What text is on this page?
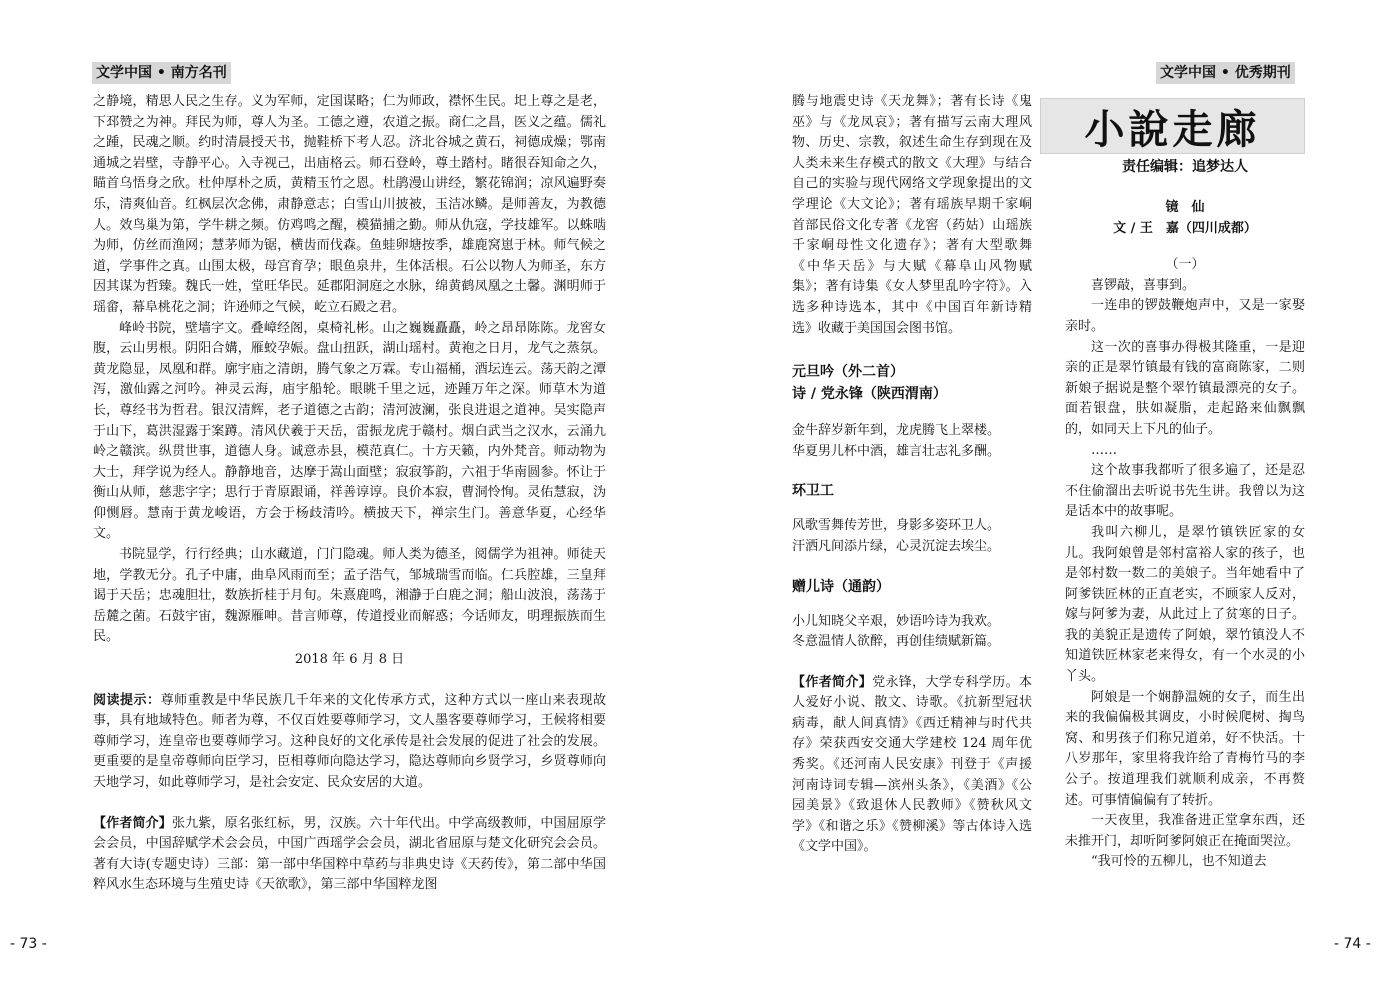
文学中国 • 南方名刊

之静境，精思人民之生存。义为军师，定国谋略；仁为师政，襟怀生民。圯上尊之是老，下邳赞之为神。拜民为师，尊人为圣。工德之遵，农道之振。商仁之昌，医义之蕴。儒礼之踵，民魂之顺。约时清晨授天书，抛鞋桥下考人忍。济北谷城之黄石，祠德成燥；鄂南通城之岩壁，寺静平心。入寺视己，出庙格云。师石登岭，尊土踏村。睹很吞知命之久，瞄首乌悟身之欣。杜仲厚朴之质，黄精玉竹之恩。杜鹃漫山讲经，繁花锦润；凉风遍野奏乐，清爽仙音。红枫层次念佛，肃静意志；白雪山川披被，玉洁冰鳞。是师善友，为教德人。效鸟巢为第，学牛耕之频。仿鸡鸣之醒，模猫捕之勤。师从仇寇，学技雄军。以蛛啮为师，仿丝而渔网；慧茅师为锯，横齿而伐森。鱼蛙卵塘按季，雄鹿窝崽于林。师气候之道，学事件之真。山围太极，母宫育孕；眼鱼泉井，生体活根。石公以物人为师圣，东方因其谋为哲臻。魏氏一姓，堂旺华民。延郡阳洞庭之水脉，绵黄鹤凤凰之土馨。渊明师于瑶畲，幕阜桃花之洞；许逊师之气候，屹立石殿之君。

峰岭书院，壁墙字文。叠嶂经阁，桌椅礼彬。山之巍巍矗矗，岭之昂昂陈陈。龙窖女腹，云山男根。阴阳合媾，雁蛟孕娠。盘山扭跃，湖山瑶村。黄袍之日月，龙气之蒸氛。黄龙隐显，凤凰和群。廓宇庙之清朗，腾气象之万霖。专山福桶，酒坛连云。荡天韵之潭泻，激仙露之河吟。神灵云海，庙宇船轮。眼眺千里之远，迹踵万年之深。师草木为道长，尊经书为哲君。银汉清辉，老子道德之古韵；清河波澜，张良进退之道神。吴实隐声于山下，葛洪湿露于案蹲。清风伏羲于天岳，雷振龙虎于赣村。烟白武当之汉水，云涌九岭之赣滨。纵贯世事，道德人身。诚意赤县，模范真仁。十方天籁，内外梵音。师动物为大士，拜学说为经人。静静地音，达摩于嵩山面壁；寂寂筝韵，六祖于华南圆参。怀让于衡山从师，慈悲字字；思行于青原跟诵，祥善谆谆。良价本寂，曹洞怜恂。灵佑慧寂，沩仰恻唇。慧南于黄龙峻语，方会于杨歧清吟。横披天下，禅宗生门。善意华夏，心经华文。

书院显学，行行经典；山水藏道，门门隐魂。师人类为德圣，阅儒学为祖神。师徒天地，学教无分。孔子中庸，曲阜风雨而至；孟子浩气，邹城瑞雪而临。仁兵腔雄，三皇拜谒于天岳；忠魂胆壮，数族折桂于月旬。朱熹鹿鸣，湘瀞于白鹿之洞；船山波浪，荡荡于岳麓之菌。石鼓宇宙，魏源雁呻。昔言师尊，传道授业而解惑；今话师友，明理振族而生民。

2018 年 6 月 8 日

阅读提示：尊师重教是中华民族几千年来的文化传承方式，这种方式以一座山来表现故事，具有地域特色。师者为尊，不仅百姓要尊师学习，文人墨客要尊师学习，王候将相要尊师学习，连皇帝也要尊师学习。这种良好的文化承传是社会发展的促进了社会的发展。更重要的是皇帝尊师向臣学习，臣相尊师向隐达学习，隐达尊师向乡贤学习，乡贤尊师向天地学习，如此尊师学习，是社会安定、民众安居的大道。

【作者简介】张九紫，原名张红标，男，汉族。六十年代出。中学高级教师，中国屈原学会会员，中国辞赋学术会会员，中国广西瑶学会会员，湖北省屈原与楚文化研究会会员。著有大诗(专题史诗）三部：第一部中华国粹中草药与非典史诗《天药传》，第二部中华国粹风水生态环境与生殖史诗《天欲歌》，第三部中华国粹龙图

- 73 -
文学中国 • 优秀期刊

腾与地震史诗《天龙舞》；著有长诗《鬼巫》与《龙凤哀》；著有描写云南大理风物、历史、宗教，叙述生命生存到现在及人类未来生存模式的散文《大理》与结合自己的实验与现代网络文学现象提出的文学理论《大文论》；著有瑶族早期千家峒首部民俗文化专著《龙窖（药姑）山瑶族千家峒母性文化遗存》；著有大型歌舞《中华天岳》与大赋《幕阜山风物赋集》；著有诗集《女人梦里乱吟字符》。入选多种诗选本，其中《中国百年新诗精选》收藏于美国国会图书馆。

元旦吟（外二首）

诗 / 党永锋（陕西渭南）

金牛辞岁新年到，龙虎腾飞上翠楼。

华夏男儿杯中酒，雄言壮志礼多酬。

环卫工

风歌雪舞传芳世，身影多姿环卫人。

汗洒凡间添片绿，心灵沉淀去埃尘。

赠儿诗（通韵）

小儿知晓父辛艰，妙语吟诗为我欢。

冬意温情人欲醉，再创佳绩赋新篇。

【作者简介】党永锋，大学专科学历。本人爱好小说、散文、诗歌。《抗新型冠状病毒，献人间真情》《西迁精神与时代共存》荣获西安交通大学建校 124 周年优秀奖。《还河南人民安康》刊登于《声援河南诗词专辑—滨州头条》，《美酒》《公园美景》《致退休人民教师》《赞秋风文学》《和谐之乐》《赞柳溪》等古体诗入选《文学中国》。

小說走廊

责任编辑：追梦达人

镜　仙

文 / 王　嘉（四川成都）

（一）

喜锣敲，喜事到。

一连串的锣鼓鞭炮声中，又是一家娶亲时。

这一次的喜事办得极其隆重，一是迎亲的正是翠竹镇最有钱的富商陈家，二则新娘子据说是整个翠竹镇最漂亮的女子。面若银盘，肤如凝脂，走起路来仙飘飘的，如同天上下凡的仙子。

……

这个故事我都听了很多遍了，还是忍不住偷溜出去听说书先生讲。我曾以为这是话本中的故事呢。

我叫六柳儿，是翠竹镇铁匠家的女儿。我阿娘曾是邻村富裕人家的孩子，也是邻村数一数二的美娘子。当年她看中了阿爹铁匠林的正直老实，不顾家人反对，嫁与阿爹为妻，从此过上了贫寒的日子。我的美貌正是遗传了阿娘，翠竹镇没人不知道铁匠林家老来得女，有一个水灵的小丫头。

阿娘是一个娴静温婉的女子，而生出来的我偏偏极其调皮，小时候爬树、掏鸟窝、和男孩子们称兄道弟，好不快活。十八岁那年，家里将我许给了青梅竹马的李公子。按道理我们就顺利成亲，不再赘述。可事情偏偏有了转折。

一天夜里，我准备进正堂拿东西，还未推开门，却听阿爹阿娘正在掩面哭泣。

“我可怜的五柳儿，也不知道去

- 74 -
